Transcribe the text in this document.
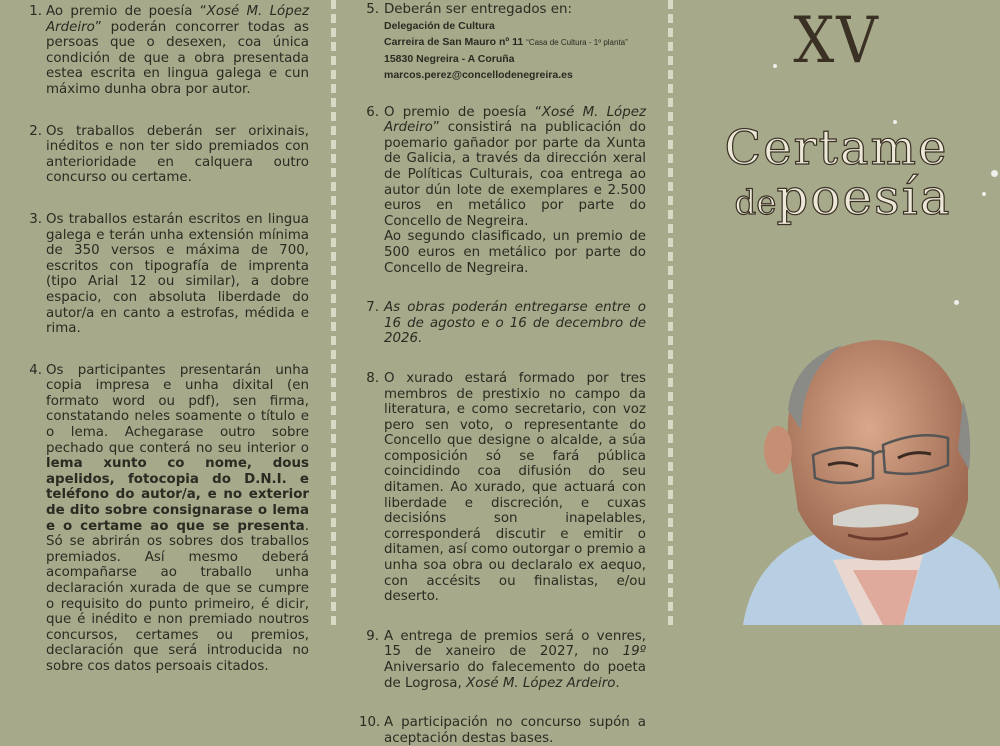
1. Ao premio de poesía “Xosé M. López Ardeiro” poderán concorrer todas as persoas que o desexen, coa única condición de que a obra presentada estea escrita en lingua galega e cun máximo dunha obra por autor.
2. Os traballos deberán ser orixinais, inéditos e non ter sido premiados con anterioridade en calquera outro concurso ou certame.
3. Os traballos estarán escritos en lingua galega e terán unha extensión mínima de 350 versos e máxima de 700, escritos con tipografía de imprenta (tipo Arial 12 ou similar), a dobre espacio, con absoluta liberdade do autor/a en canto a estrofas, médida e rima.
4. Os participantes presentarán unha copia impresa e unha dixital (en formato word ou pdf), sen firma, constatando neles soamente o título e o lema. Achegarase outro sobre pechado que conterá no seu interior o lema xunto co nome, dous apelidos, fotocopia do D.N.I. e teléfono do autor/a, e no exterior de dito sobre consignarase o lema e o certame ao que se presenta. Só se abrirán os sobres dos traballos premiados. Así mesmo deberá acompañarse ao traballo unha declaración xurada de que se cumpre o requisito do punto primeiro, é dicir, que é inédito e non premiado noutros concursos, certames ou premios, declaración que será introducida no sobre cos datos persoais citados.
5. Deberán ser entregados en:
Delegación de Cultura
Carreira de San Mauro nº 11 “Casa de Cultura - 1º planta”
15830 Negreira - A Coruña
marcos.perez@concellodenegreira.es
6. O premio de poesía “Xosé M. López Ardeiro” consistirá na publicación do poemario gañador por parte da Xunta de Galicia, a través da dirección xeral de Políticas Culturais, coa entrega ao autor dún lote de exemplares e 2.500 euros en metálico por parte do Concello de Negreira.
Ao segundo clasificado, un premio de 500 euros en metálico por parte do Concello de Negreira.
7. As obras poderán entregarse entre o 16 de agosto e o 16 de decembro de 2026.
8. O xurado estará formado por tres membros de prestixio no campo da literatura, e como secretario, con voz pero sen voto, o representante do Concello que designe o alcalde, a súa composición só se fará pública coincidindo coa difusión do seu ditamen. Ao xurado, que actuará con liberdade e discreción, e cuxas decisións son inapelables, corresponderá discutir e emitir o ditamen, así como outorgar o premio a unha soa obra ou declaralo ex aequo, con accésits ou finalistas, e/ou deserto.
9. A entrega de premios será o venres, 15 de xaneiro de 2027, no 19º Aniversario do falecemento do poeta de Logrosa, Xosé M. López Ardeiro.
10. A participación no concurso supón a aceptación destas bases.
XV
Certame
depoesía
